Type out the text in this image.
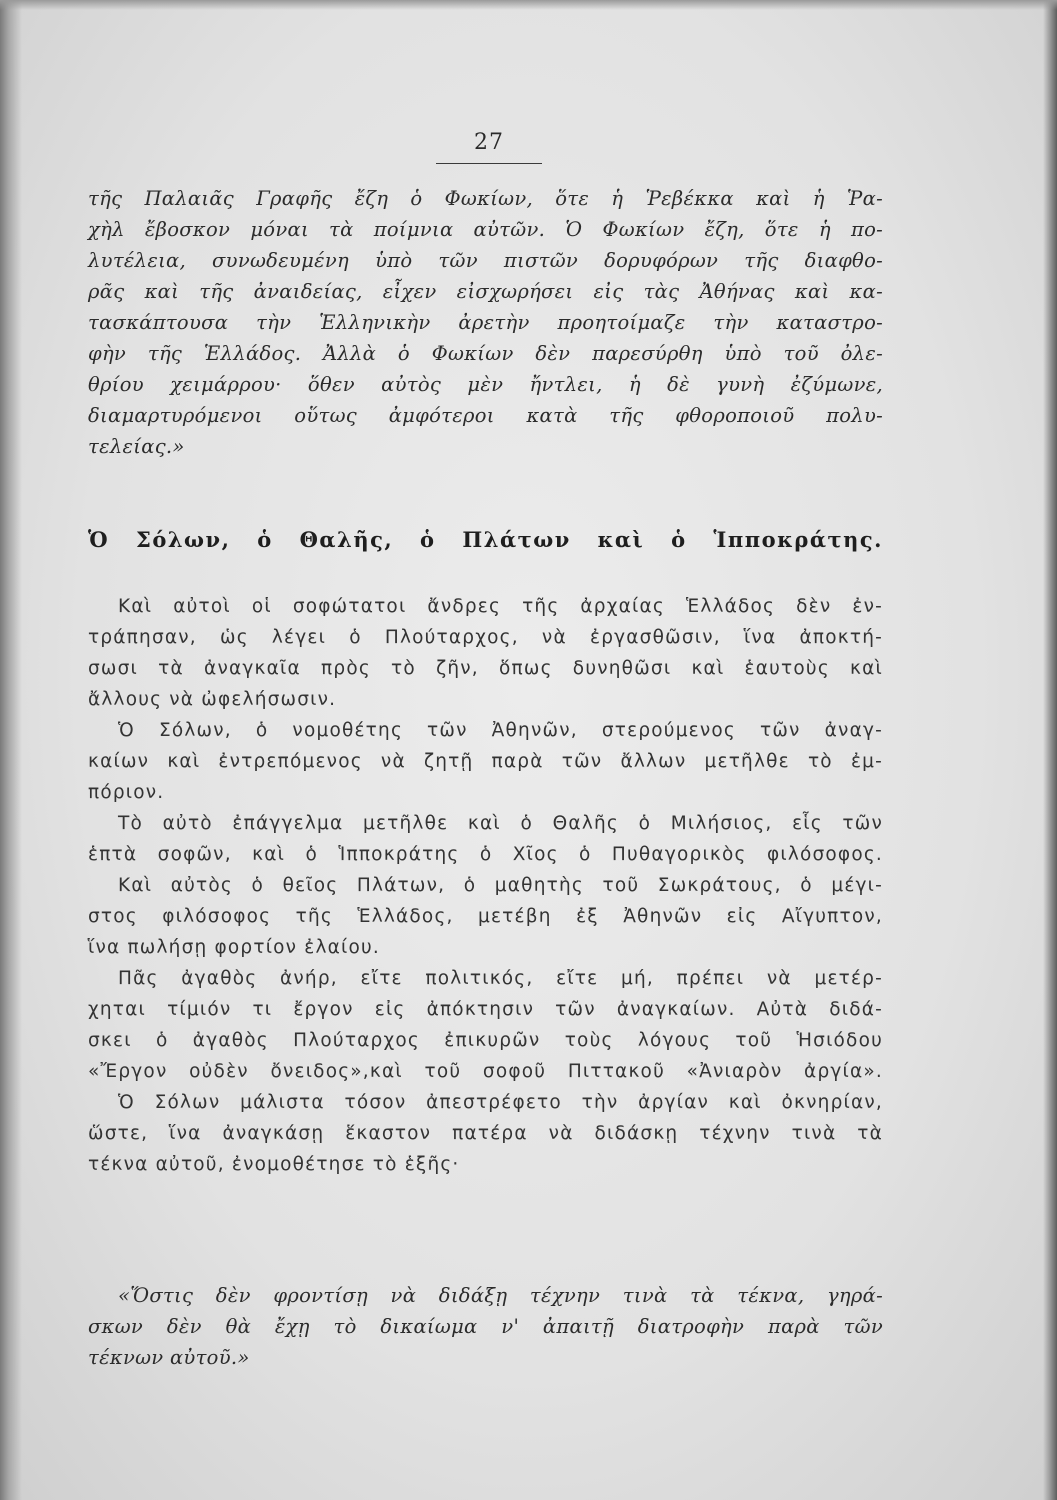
27
τῆς Παλαιᾶς Γραφῆς ἔζη ὁ Φωκίων, ὅτε ἡ Ῥεβέκκα καὶ ἡ Ῥα-
χὴλ ἔβοσκον μόναι τὰ ποίμνια αὐτῶν. Ὁ Φωκίων ἔζη, ὅτε ἡ πο-
λυτέλεια, συνωδευμένη ὑπὸ τῶν πιστῶν δορυφόρων τῆς διαφθο-
ρᾶς καὶ τῆς ἀναιδείας, εἶχεν εἰσχωρήσει εἰς τὰς Ἀθήνας καὶ κα-
τασκάπτουσα τὴν Ἑλληνικὴν ἀρετὴν προητοίμαζε τὴν καταστρο-
φὴν τῆς Ἑλλάδος. Ἀλλὰ ὁ Φωκίων δὲν παρεσύρθη ὑπὸ τοῦ ὀλε-
θρίου χειμάρρου· ὅθεν αὐτὸς μὲν ἤντλει, ἡ δὲ γυνὴ ἐζύμωνε,
διαμαρτυρόμενοι οὕτως ἀμφότεροι κατὰ τῆς φθοροποιοῦ πολυ-
τελείας.»
Ὁ Σόλων, ὁ Θαλῆς, ὁ Πλάτων καὶ ὁ Ἱπποκράτης.
Καὶ αὐτοὶ οἱ σοφώτατοι ἄνδρες τῆς ἀρχαίας Ἑλλάδος δὲν ἐν-
τράπησαν, ὡς λέγει ὁ Πλούταρχος, νὰ ἐργασθῶσιν, ἵνα ἀποκτή-
σωσι τὰ ἀναγκαῖα πρὸς τὸ ζῆν, ὅπως δυνηθῶσι καὶ ἑαυτοὺς καὶ
ἄλλους νὰ ὠφελήσωσιν.
Ὁ Σόλων, ὁ νομοθέτης τῶν Ἀθηνῶν, στερούμενος τῶν ἀναγ-
καίων καὶ ἐντρεπόμενος νὰ ζητῇ παρὰ τῶν ἄλλων μετῆλθε τὸ ἐμ-
πόριον.
Τὸ αὐτὸ ἐπάγγελμα μετῆλθε καὶ ὁ Θαλῆς ὁ Μιλήσιος, εἷς τῶν
ἑπτὰ σοφῶν, καὶ ὁ Ἱπποκράτης ὁ Χῖος ὁ Πυθαγορικὸς φιλόσοφος.
Καὶ αὐτὸς ὁ θεῖος Πλάτων, ὁ μαθητὴς τοῦ Σωκράτους, ὁ μέγι-
στος φιλόσοφος τῆς Ἑλλάδος, μετέβη ἐξ Ἀθηνῶν εἰς Αἴγυπτον,
ἵνα πωλήσῃ φορτίον ἐλαίου.
Πᾶς ἀγαθὸς ἀνήρ, εἴτε πολιτικός, εἴτε μή, πρέπει νὰ μετέρ-
χηται τίμιόν τι ἔργον εἰς ἀπόκτησιν τῶν ἀναγκαίων. Αὐτὰ διδά-
σκει ὁ ἀγαθὸς Πλούταρχος ἐπικυρῶν τοὺς λόγους τοῦ Ἡσιόδου
«Ἔργον οὐδὲν ὄνειδος»,καὶ τοῦ σοφοῦ Πιττακοῦ «Ἀνιαρὸν ἀργία».
Ὁ Σόλων μάλιστα τόσον ἀπεστρέφετο τὴν ἀργίαν καὶ ὀκνηρίαν,
ὥστε, ἵνα ἀναγκάσῃ ἕκαστον πατέρα νὰ διδάσκῃ τέχνην τινὰ τὰ
τέκνα αὐτοῦ, ἐνομοθέτησε τὸ ἑξῆς·
«Ὅστις δὲν φροντίσῃ νὰ διδάξῃ τέχνην τινὰ τὰ τέκνα, γηρά-
σκων δὲν θὰ ἔχῃ τὸ δικαίωμα ν' ἀπαιτῇ διατροφὴν παρὰ τῶν
τέκνων αὐτοῦ.»
